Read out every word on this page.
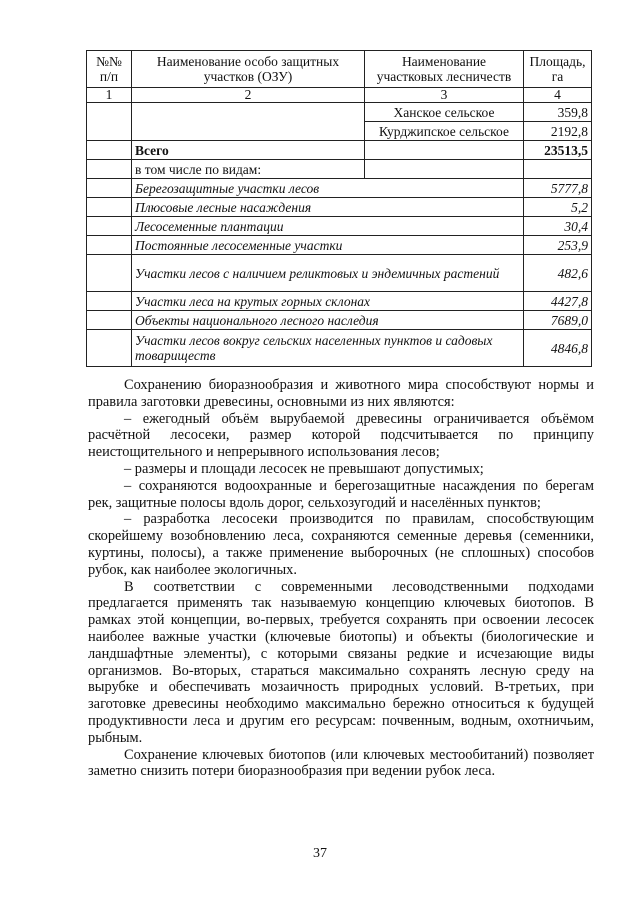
№№ п/п	Наименование особо защитных участков (ОЗУ)	Наименование участковых лесничеств	Площадь, га
1	2	3	4
		Ханское сельское	359,8
		Курджипское сельское	2192,8
	Всего		23513,5
	в том числе по видам:		
	Берегозащитные участки лесов		5777,8
	Плюсовые лесные насаждения		5,2
	Лесосеменные плантации		30,4
	Постоянные лесосеменные участки		253,9
	Участки лесов с наличием реликтовых и эндемичных растений		482,6
	Участки леса на крутых горных склонах		4427,8
	Объекты национального лесного наследия		7689,0
	Участки лесов вокруг сельских населенных пунктов и садовых товариществ		4846,8

Сохранению биоразнообразия и животного мира способствуют нормы и правила заготовки древесины, основными из них являются:

– ежегодный объём вырубаемой древесины ограничивается объёмом расчётной лесосеки, размер которой подсчитывается по принципу неистощительного и непрерывного использования лесов;

– размеры и площади лесосек не превышают допустимых;

– сохраняются водоохранные и берегозащитные насаждения по берегам рек, защитные полосы вдоль дорог, сельхозугодий и населённых пунктов;

– разработка лесосеки производится по правилам, способствующим скорейшему возобновлению леса, сохраняются семенные деревья (семенники, куртины, полосы), а также применение выборочных (не сплошных) способов рубок, как наиболее экологичных.

В соответствии с современными лесоводственными подходами предлагается применять так называемую концепцию ключевых биотопов. В рамках этой концепции, во-первых, требуется сохранять при освоении лесосек наиболее важные участки (ключевые биотопы) и объекты (биологические и ландшафтные элементы), с которыми связаны редкие и исчезающие виды организмов. Во-вторых, стараться максимально сохранять лесную среду на вырубке и обеспечивать мозаичность природных условий. В-третьих, при заготовке древесины необходимо максимально бережно относиться к будущей продуктивности леса и другим его ресурсам: почвенным, водным, охотничьим, рыбным.

Сохранение ключевых биотопов (или ключевых местообитаний) позволяет заметно снизить потери биоразнообразия при ведении рубок леса.

37
